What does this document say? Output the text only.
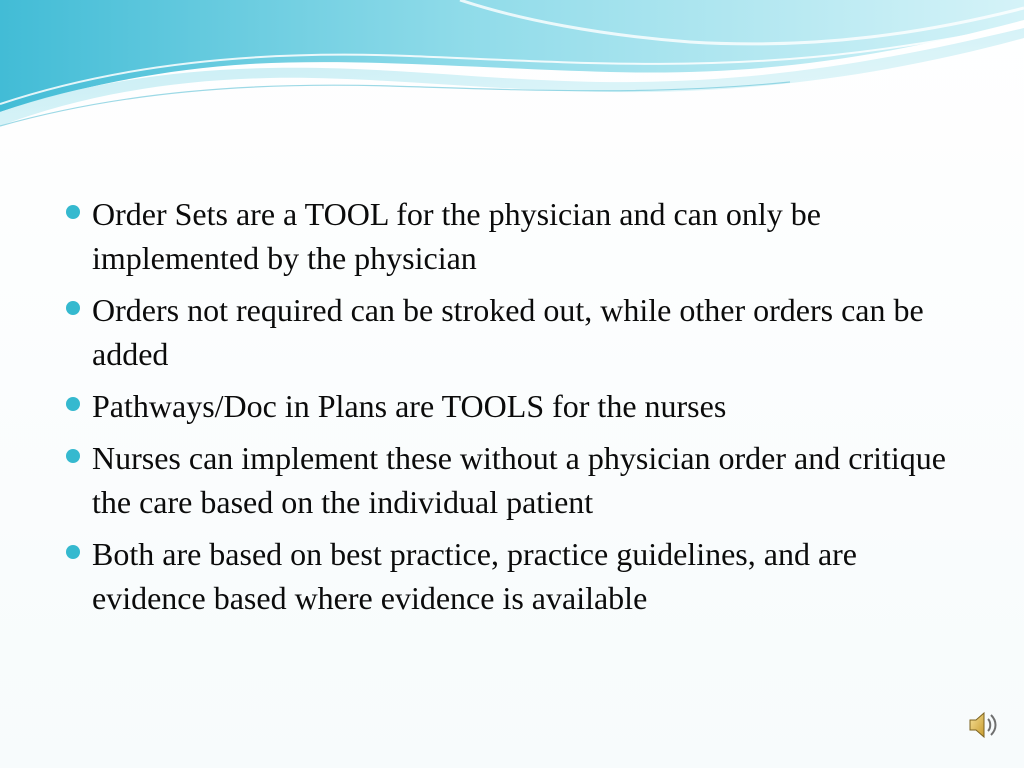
Order Sets are a TOOL for the physician and can only be implemented by the physician
Orders not required can be stroked out, while other orders can be added
Pathways/Doc in Plans are TOOLS for the nurses
Nurses can implement these without a physician order and critique the care based on the individual patient
Both are based on best practice, practice guidelines, and are evidence based where evidence is available
